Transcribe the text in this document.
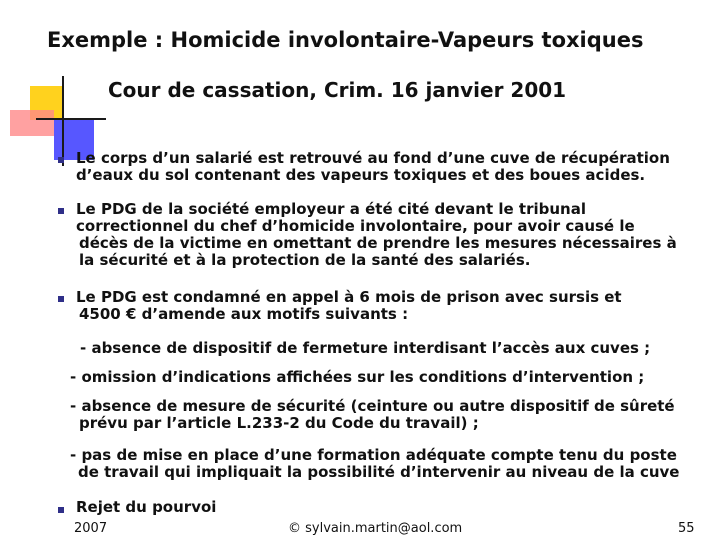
Exemple : Homicide involontaire-Vapeurs toxiques
Cour de cassation, Crim. 16 janvier 2001
Le corps d’un salarié est retrouvé au fond d’une cuve de récupération
d’eaux du sol contenant des vapeurs toxiques et des boues acides.
Le PDG de la société employeur a été cité devant le tribunal
correctionnel du chef d’homicide involontaire, pour avoir causé le
décès de la victime en omettant de prendre les mesures nécessaires à
la sécurité et à la protection de la santé des salariés.
Le PDG est condamné en appel à 6 mois de prison avec sursis et
4500 € d’amende aux motifs suivants :
- absence de dispositif de fermeture interdisant l’accès aux cuves ;
- omission d’indications affichées sur les conditions d’intervention ;
- absence de mesure de sécurité (ceinture ou autre dispositif de sûreté
prévu par l’article L.233-2 du Code du travail) ;
- pas de mise en place d’une formation adéquate compte tenu du poste
de travail qui impliquait la possibilité d’intervenir au niveau de la cuve
Rejet du pourvoi
2007	© sylvain.martin@aol.com	55
